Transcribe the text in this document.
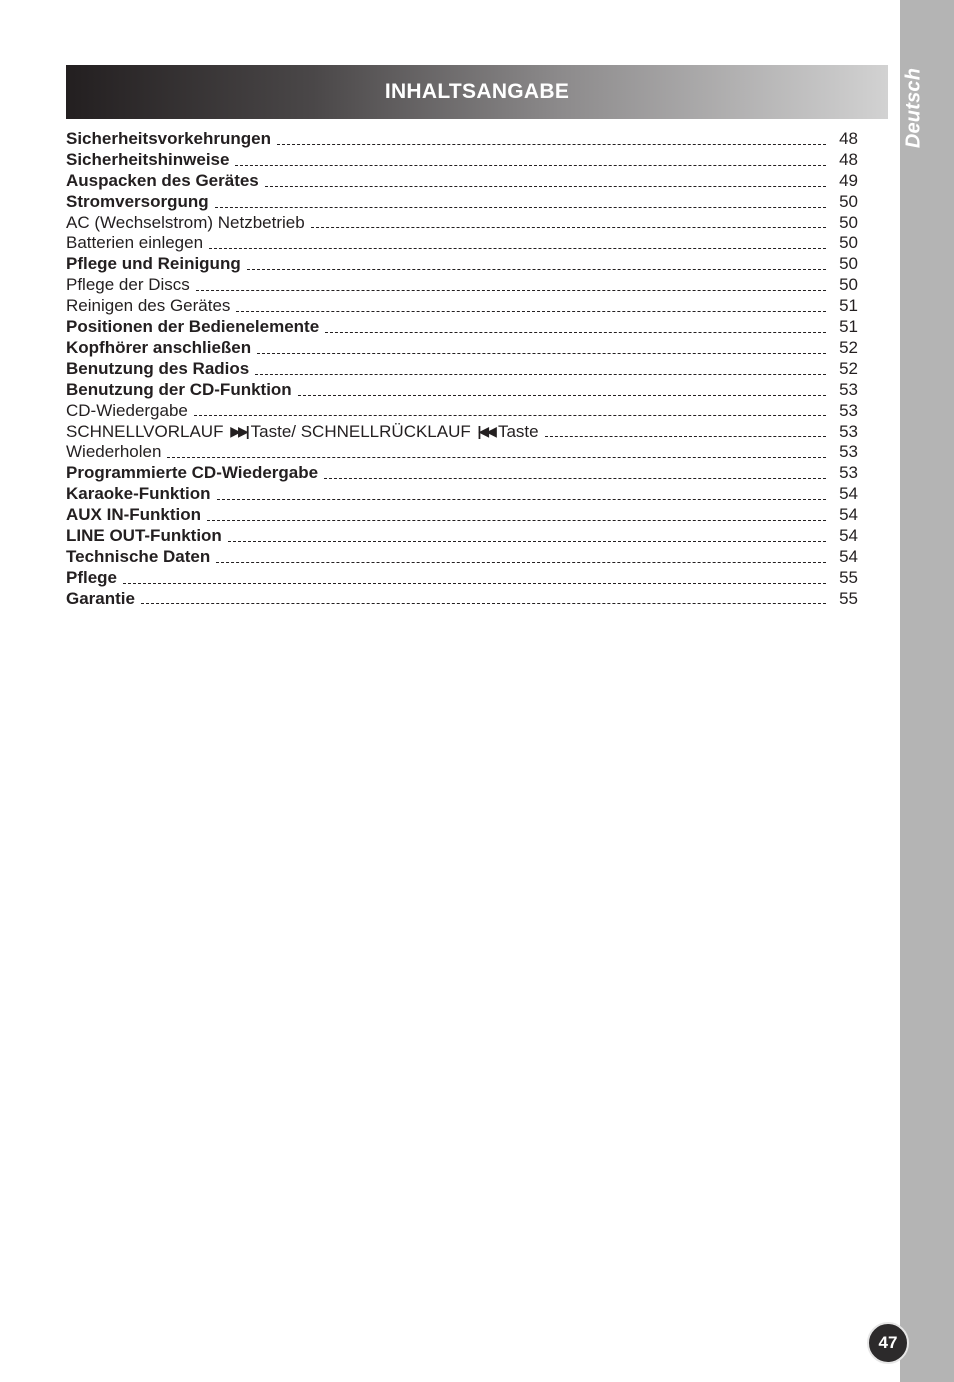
Deutsch
INHALTSANGABE
Sicherheitsvorkehrungen	48
Sicherheitshinweise	48
Auspacken des Gerätes	49
Stromversorgung	50
AC (Wechselstrom) Netzbetrieb	50
Batterien einlegen	50
Pflege und Reinigung	50
Pflege der Discs	50
Reinigen des Gerätes	51
Positionen der Bedienelemente	51
Kopfhörer anschließen	52
Benutzung des Radios	52
Benutzung der CD-Funktion	53
CD-Wiedergabe	53
SCHNELLVORLAUF ▶▶| Taste/ SCHNELLRÜCKLAUF |◀◀ Taste	53
Wiederholen	53
Programmierte CD-Wiedergabe	53
Karaoke-Funktion	54
AUX IN-Funktion	54
LINE OUT-Funktion	54
Technische Daten	54
Pflege	55
Garantie	55
47
